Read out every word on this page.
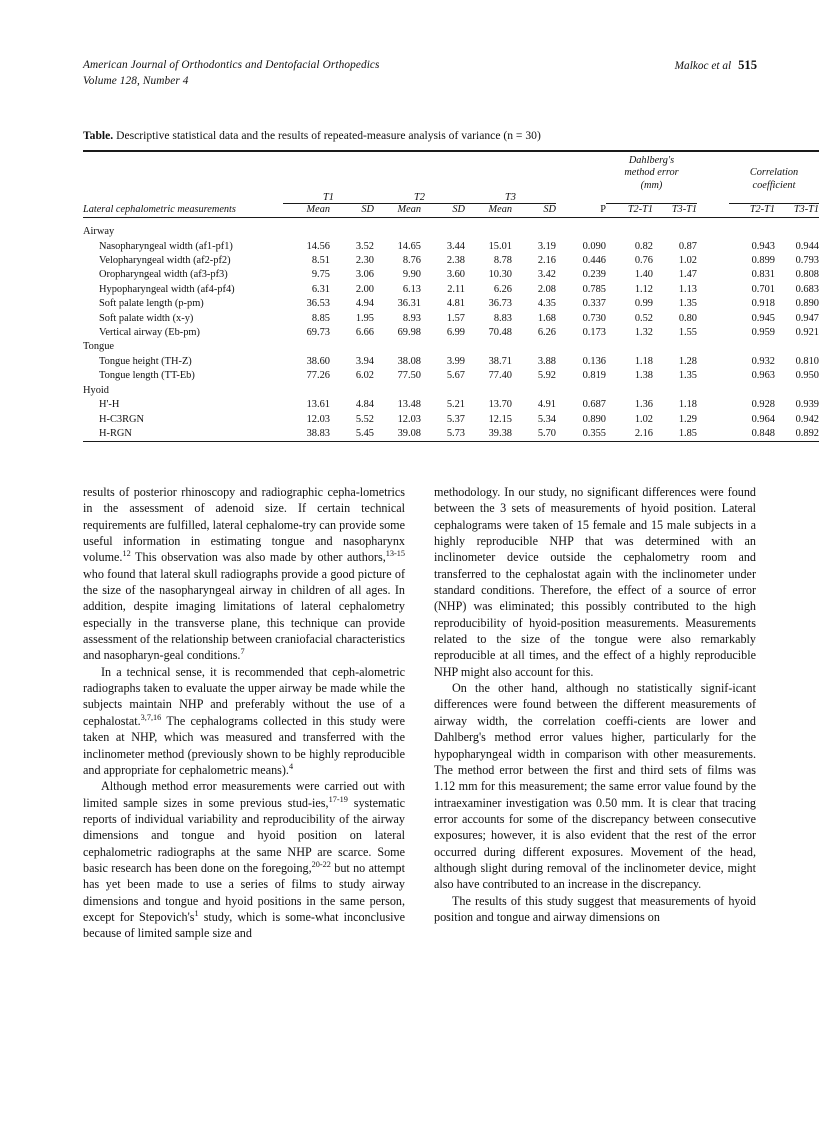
American Journal of Orthodontics and Dentofacial Orthopedics
Volume 128, Number 4
Malkoc et al 515
Table. Descriptive statistical data and the results of repeated-measure analysis of variance (n = 30)

Dahlberg's
method error
(mm)

Correlation
coefficient

	T1		T2		T3							
Lateral cephalometric measurements	Mean	SD	Mean	SD	Mean	SD	P	T2-T1	T3-T1		T2-T1	T3-T1

Airway												
Nasopharyngeal width (af1-pf1)	14.56	3.52	14.65	3.44	15.01	3.19	0.090	0.82	0.87		0.943	0.944
Velopharyngeal width (af2-pf2)	8.51	2.30	8.76	2.38	8.78	2.16	0.446	0.76	1.02		0.899	0.793
Oropharyngeal width (af3-pf3)	9.75	3.06	9.90	3.60	10.30	3.42	0.239	1.40	1.47		0.831	0.808
Hypopharyngeal width (af4-pf4)	6.31	2.00	6.13	2.11	6.26	2.08	0.785	1.12	1.13		0.701	0.683
Soft palate length (p-pm)	36.53	4.94	36.31	4.81	36.73	4.35	0.337	0.99	1.35		0.918	0.890
Soft palate width (x-y)	8.85	1.95	8.93	1.57	8.83	1.68	0.730	0.52	0.80		0.945	0.947
Vertical airway (Eb-pm)	69.73	6.66	69.98	6.99	70.48	6.26	0.173	1.32	1.55		0.959	0.921
Tongue												
Tongue height (TH-Z)	38.60	3.94	38.08	3.99	38.71	3.88	0.136	1.18	1.28		0.932	0.810
Tongue length (TT-Eb)	77.26	6.02	77.50	5.67	77.40	5.92	0.819	1.38	1.35		0.963	0.950
Hyoid												
H'-H	13.61	4.84	13.48	5.21	13.70	4.91	0.687	1.36	1.18		0.928	0.939
H-C3RGN	12.03	5.52	12.03	5.37	12.15	5.34	0.890	1.02	1.29		0.964	0.942
H-RGN	38.83	5.45	39.08	5.73	39.38	5.70	0.355	2.16	1.85		0.848	0.892

results of posterior rhinoscopy and radiographic cepha-lometrics in the assessment of adenoid size. If certain technical requirements are fulfilled, lateral cephalome-try can provide some useful information in estimating tongue and nasopharynx volume.$^{12}$ This observation was also made by other authors,$^{13-15}$ who found that lateral skull radiographs provide a good picture of the size of the nasopharyngeal airway in children of all ages. In addition, despite imaging limitations of lateral cephalometry especially in the transverse plane, this technique can provide assessment of the relationship between craniofacial characteristics and nasopharyn-geal conditions.$^7$

In a technical sense, it is recommended that ceph-alometric radiographs taken to evaluate the upper airway be made while the subjects maintain NHP and preferably without the use of a cephalostat.$^{3,7,16}$ The cephalograms collected in this study were taken at NHP, which was measured and transferred with the inclinometer method (previously shown to be highly reproducible and appropriate for cephalometric means).$^4$

Although method error measurements were carried out with limited sample sizes in some previous stud-ies,$^{17-19}$ systematic reports of individual variability and reproducibility of the airway dimensions and tongue and hyoid position on lateral cephalometric radiographs at the same NHP are scarce. Some basic research has been done on the foregoing,$^{20-22}$ but no attempt has yet been made to use a series of films to study airway dimensions and tongue and hyoid positions in the same person, except for $Stepovich's^1$ study, which is some-what inconclusive because of limited sample size and

methodology. In our study, no significant differences were found between the 3 sets of measurements of hyoid position. Lateral cephalograms were taken of 15 female and 15 male subjects in a highly reproducible NHP that was determined with an inclinometer device outside the cephalometry room and transferred to the cephalostat again with the inclinometer under standard conditions. Therefore, the effect of a source of error (NHP) was eliminated; this possibly contributed to the high reproducibility of hyoid-position measurements. Measurements related to the size of the tongue were also remarkably reproducible at all times, and the effect of a highly reproducible NHP might also account for this.

On the other hand, although no statistically signif-icant differences were found between the different measurements of airway width, the correlation coeffi-cients are lower and Dahlberg's method error values higher, particularly for the hypopharyngeal width in comparison with other measurements. The method error between the first and third sets of films was 1.12 mm for this measurement; the same error value found by the intraexaminer investigation was 0.50 mm. It is clear that tracing error accounts for some of the discrepancy between consecutive exposures; however, it is also evident that the rest of the error occurred during different exposures. Movement of the head, although slight during removal of the inclinometer device, might also have contributed to an increase in the discrepancy.

The results of this study suggest that measurements of hyoid position and tongue and airway dimensions on
